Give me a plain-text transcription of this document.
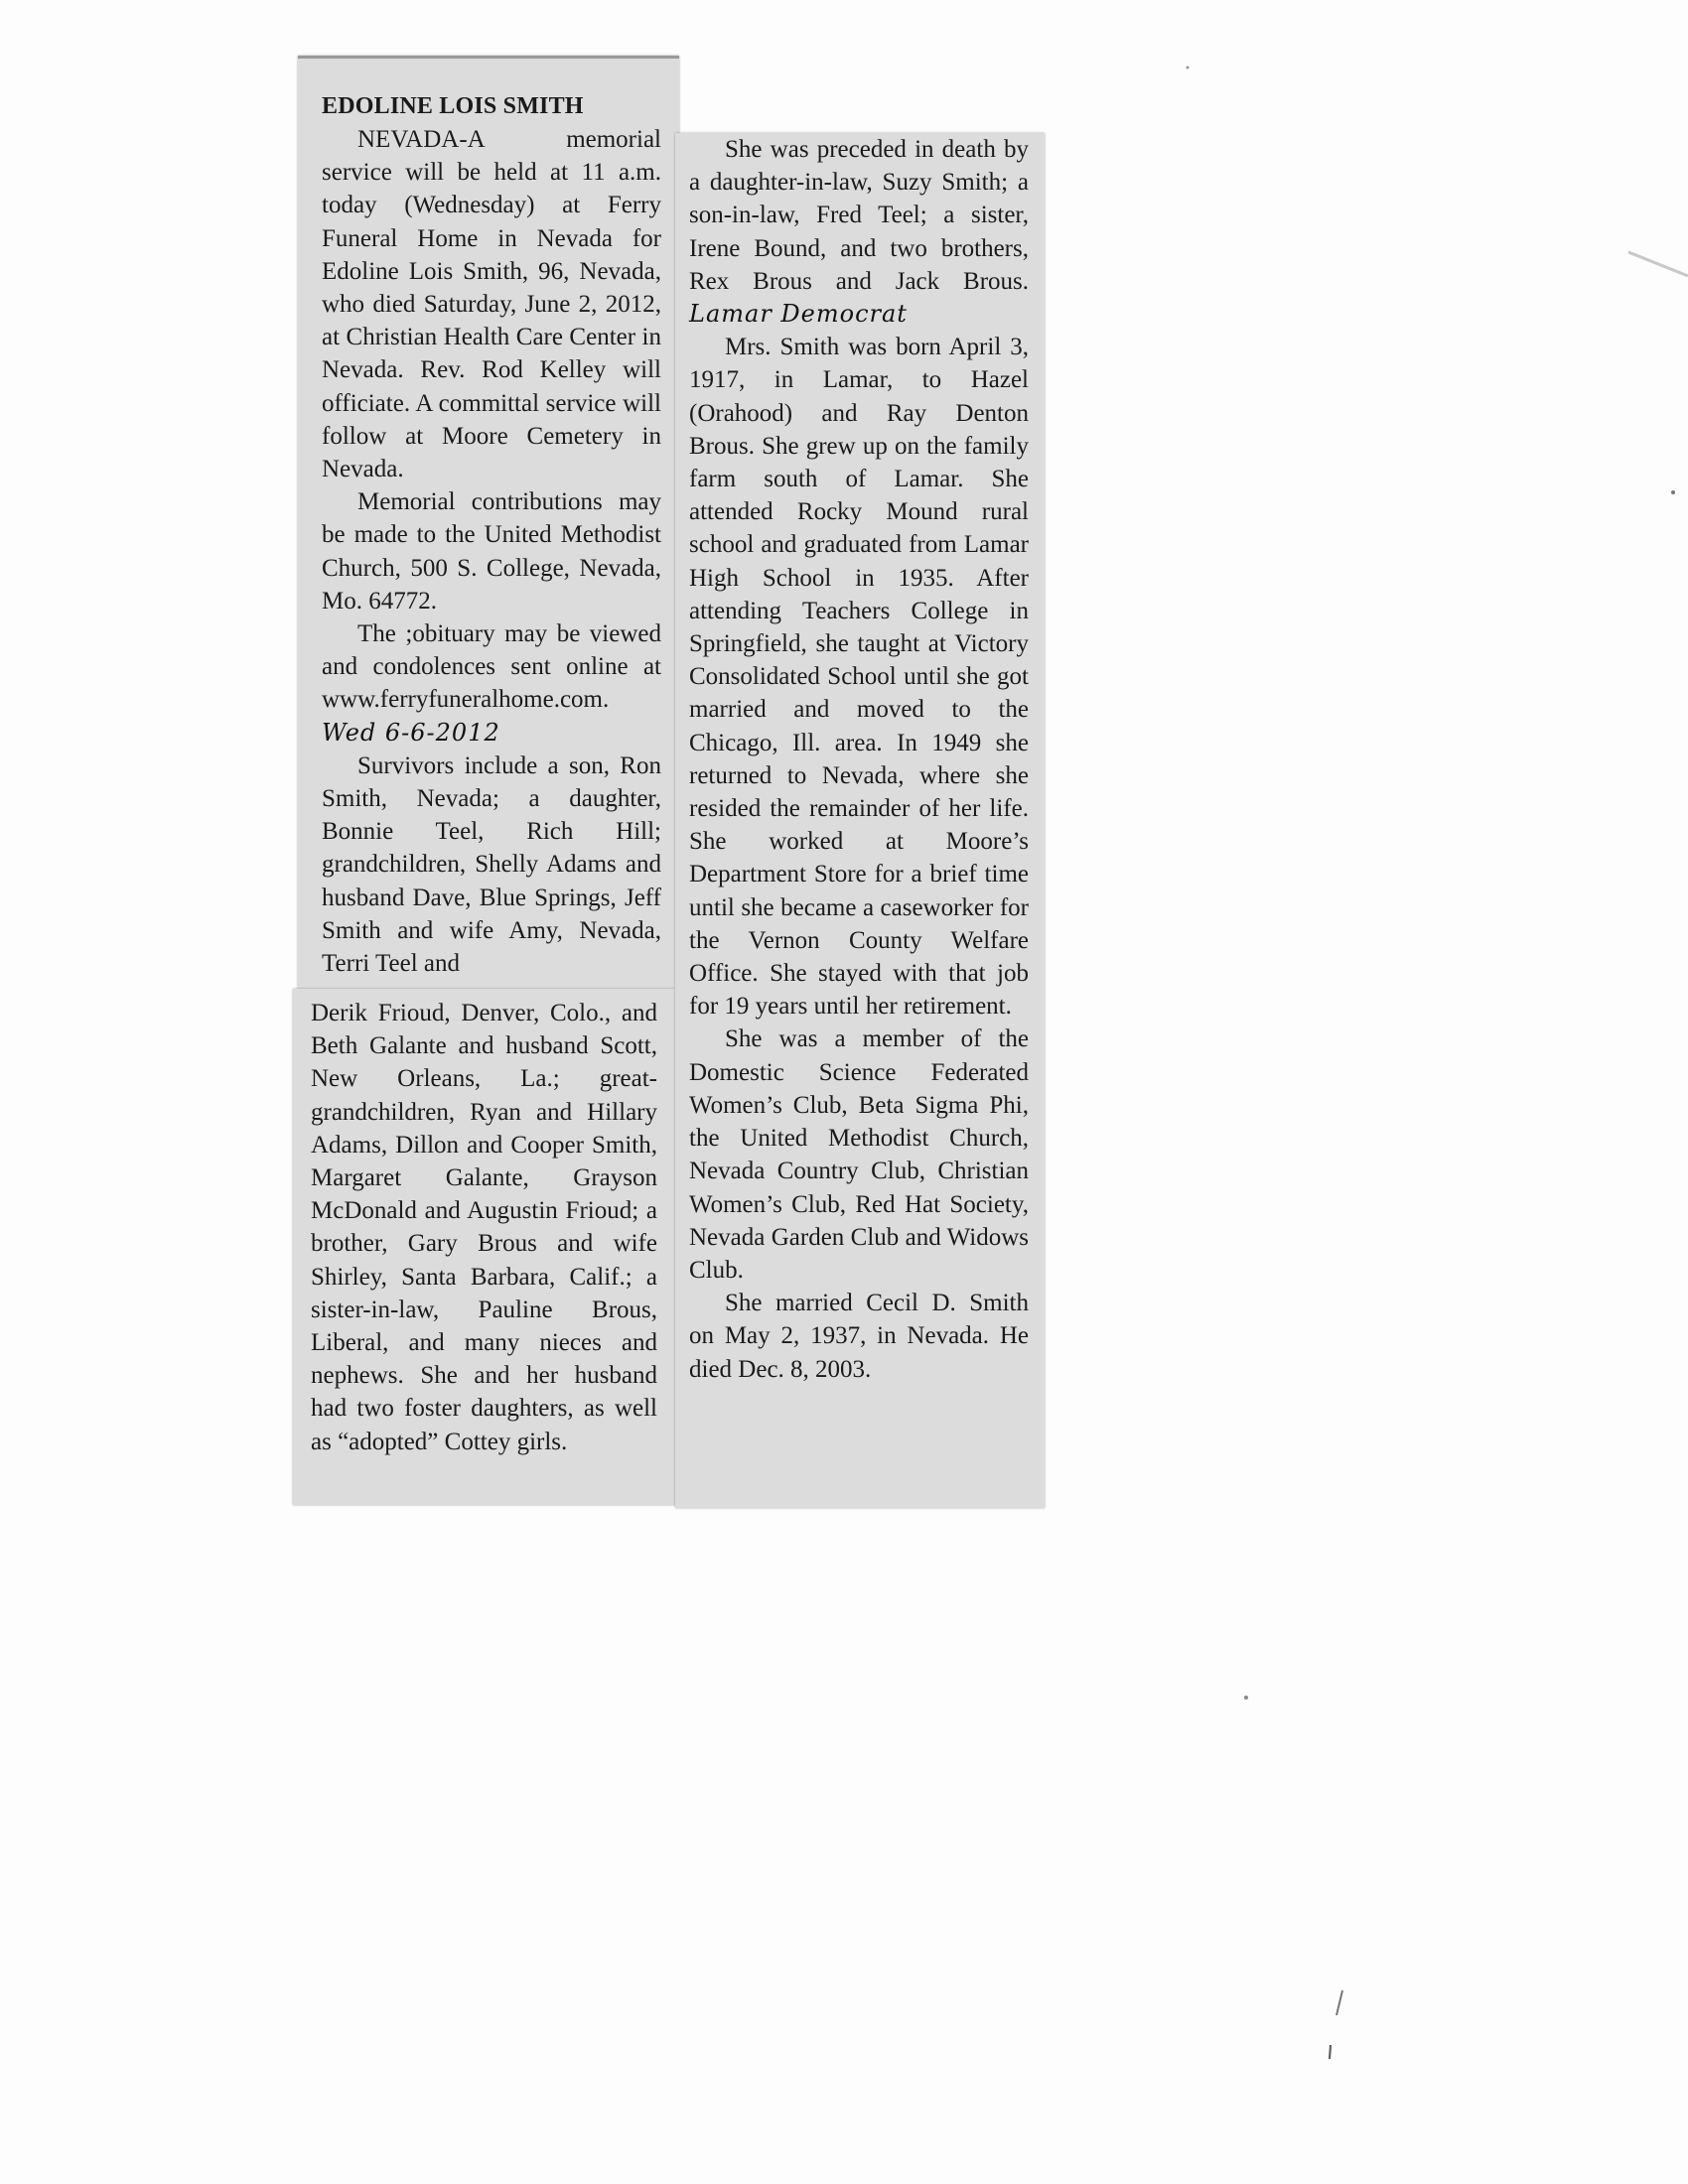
EDOLINE LOIS SMITH

NEVADA-A memorial service will be held at 11 a.m. today (Wednesday) at Ferry Funeral Home in Nevada for Edoline Lois Smith, 96, Nevada, who died Saturday, June 2, 2012, at Christian Health Care Center in Nevada. Rev. Rod Kelley will officiate. A committal service will follow at Moore Cemetery in Nevada.

Memorial contributions may be made to the United Methodist Church, 500 S. College, Nevada, Mo. 64772.

The ;obituary may be viewed and condolences sent online at www.ferryfuneralhome.com. Wed 6-6-2012

Survivors include a son, Ron Smith, Nevada; a daughter, Bonnie Teel, Rich Hill; grandchildren, Shelly Adams and husband Dave, Blue Springs, Jeff Smith and wife Amy, Nevada, Terri Teel and

Derik Frioud, Denver, Colo., and Beth Galante and husband Scott, New Orleans, La.; great-grandchildren, Ryan and Hillary Adams, Dillon and Cooper Smith, Margaret Galante, Grayson McDonald and Augustin Frioud; a brother, Gary Brous and wife Shirley, Santa Barbara, Calif.; a sister-in-law, Pauline Brous, Liberal, and many nieces and nephews. She and her husband had two foster daughters, as well as “adopted” Cottey girls.

She was preceded in death by a daughter-in-law, Suzy Smith; a son-in-law, Fred Teel; a sister, Irene Bound, and two brothers, Rex Brous and Jack Brous. Lamar Democrat

Mrs. Smith was born April 3, 1917, in Lamar, to Hazel (Orahood) and Ray Denton Brous. She grew up on the family farm south of Lamar. She attended Rocky Mound rural school and graduated from Lamar High School in 1935. After attending Teachers College in Springfield, she taught at Victory Consolidated School until she got married and moved to the Chicago, Ill. area. In 1949 she returned to Nevada, where she resided the remainder of her life. She worked at Moore’s Department Store for a brief time until she became a caseworker for the Vernon County Welfare Office. She stayed with that job for 19 years until her retirement.

She was a member of the Domestic Science Federated Women’s Club, Beta Sigma Phi, the United Methodist Church, Nevada Country Club, Christian Women’s Club, Red Hat Society, Nevada Garden Club and Widows Club.

She married Cecil D. Smith on May 2, 1937, in Nevada. He died Dec. 8, 2003.
